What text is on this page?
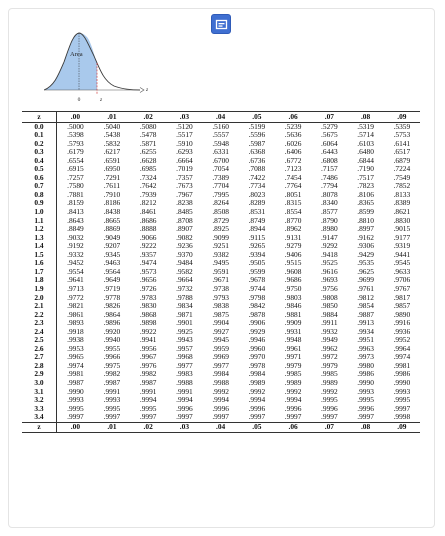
Area
0	z
z
z	.00	.01	.02	.03	.04	.05	.06	.07	.08	.09
0.0	.5000	.5040	.5080	.5120	.5160	.5199	.5239	.5279	.5319	.5359
0.1	.5398	.5438	.5478	.5517	.5557	.5596	.5636	.5675	.5714	.5753
0.2	.5793	.5832	.5871	.5910	.5948	.5987	.6026	.6064	.6103	.6141
0.3	.6179	.6217	.6255	.6293	.6331	.6368	.6406	.6443	.6480	.6517
0.4	.6554	.6591	.6628	.6664	.6700	.6736	.6772	.6808	.6844	.6879
0.5	.6915	.6950	.6985	.7019	.7054	.7088	.7123	.7157	.7190	.7224
0.6	.7257	.7291	.7324	.7357	.7389	.7422	.7454	.7486	.7517	.7549
0.7	.7580	.7611	.7642	.7673	.7704	.7734	.7764	.7794	.7823	.7852
0.8	.7881	.7910	.7939	.7967	.7995	.8023	.8051	.8078	.8106	.8133
0.9	.8159	.8186	.8212	.8238	.8264	.8289	.8315	.8340	.8365	.8389
1.0	.8413	.8438	.8461	.8485	.8508	.8531	.8554	.8577	.8599	.8621
1.1	.8643	.8665	.8686	.8708	.8729	.8749	.8770	.8790	.8810	.8830
1.2	.8849	.8869	.8888	.8907	.8925	.8944	.8962	.8980	.8997	.9015
1.3	.9032	.9049	.9066	.9082	.9099	.9115	.9131	.9147	.9162	.9177
1.4	.9192	.9207	.9222	.9236	.9251	.9265	.9279	.9292	.9306	.9319
1.5	.9332	.9345	.9357	.9370	.9382	.9394	.9406	.9418	.9429	.9441
1.6	.9452	.9463	.9474	.9484	.9495	.9505	.9515	.9525	.9535	.9545
1.7	.9554	.9564	.9573	.9582	.9591	.9599	.9608	.9616	.9625	.9633
1.8	.9641	.9649	.9656	.9664	.9671	.9678	.9686	.9693	.9699	.9706
1.9	.9713	.9719	.9726	.9732	.9738	.9744	.9750	.9756	.9761	.9767
2.0	.9772	.9778	.9783	.9788	.9793	.9798	.9803	.9808	.9812	.9817
2.1	.9821	.9826	.9830	.9834	.9838	.9842	.9846	.9850	.9854	.9857
2.2	.9861	.9864	.9868	.9871	.9875	.9878	.9881	.9884	.9887	.9890
2.3	.9893	.9896	.9898	.9901	.9904	.9906	.9909	.9911	.9913	.9916
2.4	.9918	.9920	.9922	.9925	.9927	.9929	.9931	.9932	.9934	.9936
2.5	.9938	.9940	.9941	.9943	.9945	.9946	.9948	.9949	.9951	.9952
2.6	.9953	.9955	.9956	.9957	.9959	.9960	.9961	.9962	.9963	.9964
2.7	.9965	.9966	.9967	.9968	.9969	.9970	.9971	.9972	.9973	.9974
2.8	.9974	.9975	.9976	.9977	.9977	.9978	.9979	.9979	.9980	.9981
2.9	.9981	.9982	.9982	.9983	.9984	.9984	.9985	.9985	.9986	.9986
3.0	.9987	.9987	.9987	.9988	.9988	.9989	.9989	.9989	.9990	.9990
3.1	.9990	.9991	.9991	.9991	.9992	.9992	.9992	.9992	.9993	.9993
3.2	.9993	.9993	.9994	.9994	.9994	.9994	.9994	.9995	.9995	.9995
3.3	.9995	.9995	.9995	.9996	.9996	.9996	.9996	.9996	.9996	.9997
3.4	.9997	.9997	.9997	.9997	.9997	.9997	.9997	.9997	.9997	.9998
z	.00	.01	.02	.03	.04	.05	.06	.07	.08	.09
